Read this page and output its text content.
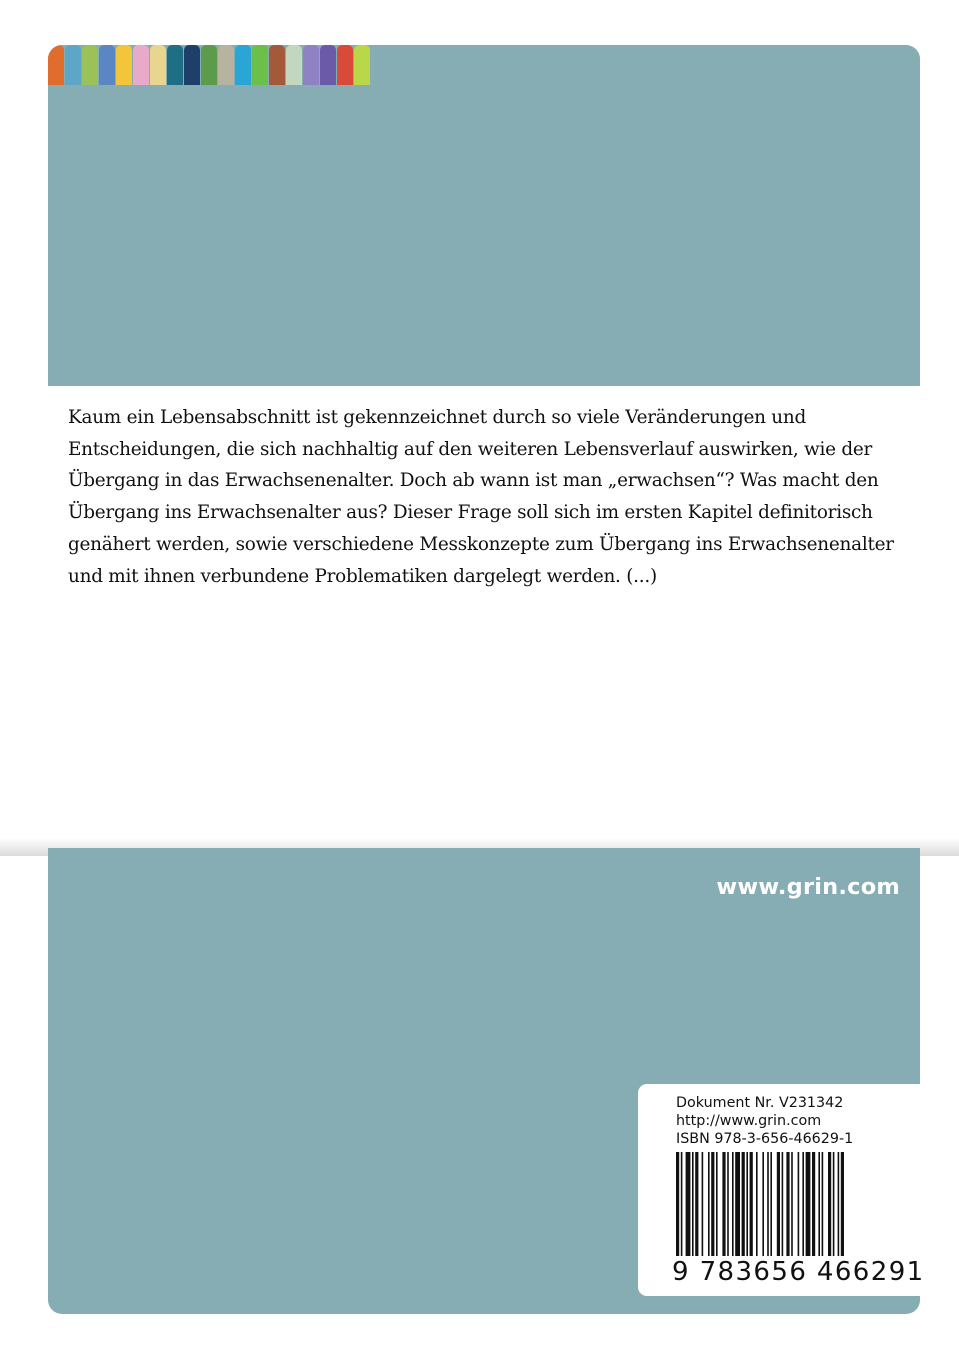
Kaum ein Lebensabschnitt ist gekennzeichnet durch so viele Veränderungen und
Entscheidungen, die sich nachhaltig auf den weiteren Lebensverlauf auswirken, wie der
Übergang in das Erwachsenenalter. Doch ab wann ist man „erwachsen“? Was macht den
Übergang ins Erwachsenalter aus? Dieser Frage soll sich im ersten Kapitel definitorisch
genähert werden, sowie verschiedene Messkonzepte zum Übergang ins Erwachsenenalter
und mit ihnen verbundene Problematiken dargelegt werden. (...)
www.grin.com
Dokument Nr. V231342
http://www.grin.com
ISBN 978-3-656-46629-1
9 783656 466291
